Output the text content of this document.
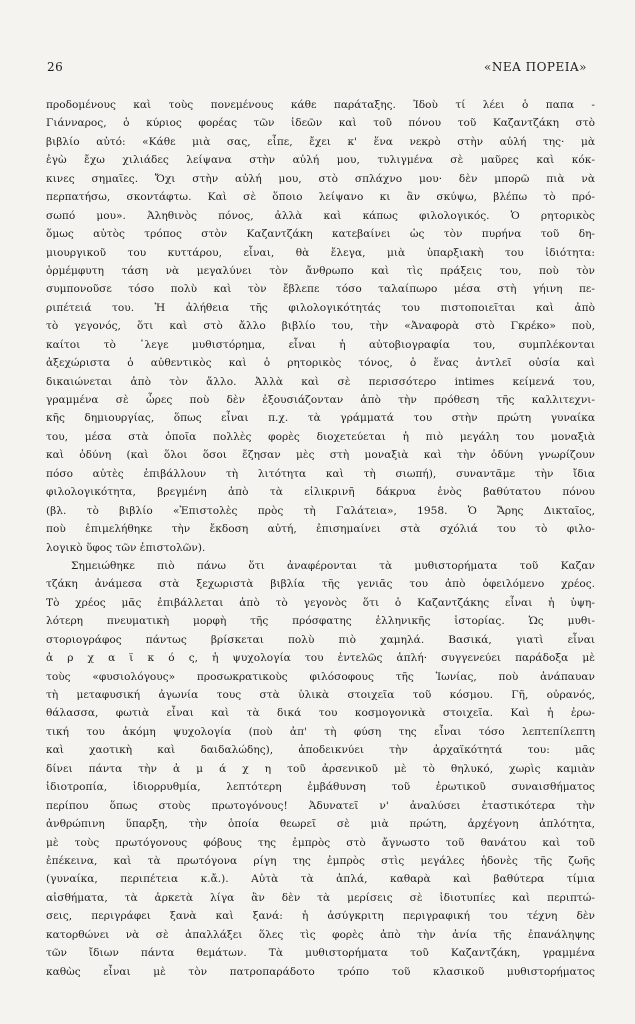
26	«ΝΕΑ ΠΟΡΕΙΑ»
προδομένους καὶ τοὺς πονεμένους κάθε παράταξης. Ἰδοὺ τί λέει ὁ παπα -
Γιάνναρος, ὁ κύριος φορέας τῶν ἰδεῶν καὶ τοῦ πόνου τοῦ Καζαντζάκη στὸ
βιβλίο αὐτό: «Κάθε μιὰ σας, εἶπε, ἔχει κ' ἕνα νεκρὸ στὴν αὐλή της· μὰ
ἐγὼ ἔχω χιλιάδες λείψανα στὴν αὐλή μου, τυλιγμένα σὲ μαῦρες καὶ κόκ-
κινες σημαῖες. Ὄχι στὴν αὐλή μου, στὸ σπλάχνο μου· δὲν μπορῶ πιὰ νὰ
περπατήσω, σκοντάφτω. Καὶ σὲ ὅποιο λείψανο κι ἂν σκύψω, βλέπω τὸ πρό-
σωπό μου». Ἀληθινὸς πόνος, ἀλλὰ καὶ κάπως φιλολογικός. Ὁ ρητορικὸς
ὅμως αὐτὸς τρόπος στὸν Καζαντζάκη κατεβαίνει ὡς τὸν πυρήνα τοῦ δη-
μιουργικοῦ του κυττάρου, εἶναι, θὰ ἔλεγα, μιὰ ὑπαρξιακὴ του ἰδιότητα:
ὁρμέμφυτη τάση νὰ μεγαλύνει τὸν ἄνθρωπο καὶ τὶς πράξεις του, ποὺ τὸν
συμπονοῦσε τόσο πολὺ καὶ τὸν ἔβλεπε τόσο ταλαίπωρο μέσα στὴ γήινη πε-
ριπέτειά του. Ἡ ἀλήθεια τῆς φιλολογικότητάς του πιστοποιεῖται καὶ ἀπὸ
τὸ γεγονός, ὅτι καὶ στὸ ἄλλο βιβλίο του, τὴν «Ἀναφορὰ στὸ Γκρέκο» ποὺ,
καίτοι τὸ ᾽λεγε μυθιστόρημα, εἶναι ἡ αὐτοβιογραφία του, συμπλέκονται
ἀξεχώριστα ὁ αὐθεντικὸς καὶ ὁ ρητορικὸς τόνος, ὁ ἕνας ἀντλεῖ οὐσία καὶ
δικαιώνεται ἀπὸ τὸν ἄλλο. Ἀλλὰ καὶ σὲ περισσότερο intimes κείμενά του,
γραμμένα σὲ ὧρες ποὺ δὲν ἐξουσιάζονταν ἀπὸ τὴν πρόθεση τῆς καλλιτεχνι-
κῆς δημιουργίας, ὅπως εἶναι π.χ. τὰ γράμματά του στὴν πρώτη γυναίκα
του, μέσα στὰ ὁποῖα πολλὲς φορὲς διοχετεύεται ἡ πιὸ μεγάλη του μοναξιὰ
καὶ ὀδύνη (καὶ ὅλοι ὅσοι ἔζησαν μὲς στὴ μοναξιὰ καὶ τὴν ὀδύνη γνωρίζουν
πόσο αὐτὲς ἐπιβάλλουν τὴ λιτότητα καὶ τὴ σιωπή), συναντᾶμε τὴν ἴδια
φιλολογικότητα, βρεγμένη ἀπὸ τὰ εἰλικρινῆ δάκρυα ἑνὸς βαθύτατου πόνου
(βλ. τὸ βιβλίο «Ἐπιστολὲς πρὸς τὴ Γαλάτεια», 1958. Ὁ Ἄρης Δικταῖος,
ποὺ ἐπιμελήθηκε τὴν ἔκδοση αὐτή, ἐπισημαίνει στὰ σχόλιά του τὸ φιλο-
λογικὸ ὕφος τῶν ἐπιστολῶν).
Σημειώθηκε πιὸ πάνω ὅτι ἀναφέρονται τὰ μυθιστορήματα τοῦ Καζαν
τζάκη ἀνάμεσα στὰ ξεχωριστὰ βιβλία τῆς γενιᾶς του ἀπὸ ὀφειλόμενο χρέος.
Τὸ χρέος μᾶς ἐπιβάλλεται ἀπὸ τὸ γεγονὸς ὅτι ὁ Καζαντζάκης εἶναι ἡ ὑψη-
λότερη πνευματικὴ μορφὴ τῆς πρόσφατης ἑλληνικῆς ἱστορίας. Ὡς μυθι-
στοριογράφος πάντως βρίσκεται πολὺ πιὸ χαμηλά. Βασικά, γιατὶ εἶναι
ἀ ρ χ α ϊ κ ό ς, ἡ ψυχολογία του ἐντελῶς ἁπλή· συγγενεύει παράδοξα μὲ
τοὺς «φυσιολόγους» προσωκρατικοὺς φιλόσοφους τῆς Ἰωνίας, ποὺ ἀνάπαυαν
τὴ μεταφυσική ἀγωνία τους στὰ ὑλικὰ στοιχεῖα τοῦ κόσμου. Γῆ, οὐρανός,
θάλασσα, φωτιὰ εἶναι καὶ τὰ δικά του κοσμογονικὰ στοιχεῖα. Καὶ ἡ ἐρω-
τική του ἀκόμη ψυχολογία (ποὺ ἀπ' τὴ φύση της εἶναι τόσο λεπτεπίλεπτη
καὶ χαοτικὴ καὶ δαιδαλώδης), ἀποδεικνύει τὴν ἀρχαϊκότητά του: μᾶς
δίνει πάντα τὴν ἀ μ ά χ η τοῦ ἀρσενικοῦ μὲ τὸ θηλυκό, χωρὶς καμιὰν
ἰδιοτροπία, ἰδιορρυθμία, λεπτότερη ἐμβάθυνση τοῦ ἐρωτικοῦ συναισθήματος
περίπου ὅπως στοὺς πρωτογόνους! Ἀδυνατεῖ ν' ἀναλύσει ἐταστικότερα τὴν
ἀνθρώπινη ὕπαρξη, τὴν ὁποία θεωρεῖ σὲ μιὰ πρώτη, ἀρχέγονη ἁπλότητα,
μὲ τοὺς πρωτόγονους φόβους της ἐμπρὸς στὸ ἄγνωστο τοῦ θανάτου καὶ τοῦ
ἐπέκεινα, καὶ τὰ πρωτόγονα ρίγη της ἐμπρὸς στὶς μεγάλες ἡδονὲς τῆς ζωῆς
(γυναίκα, περιπέτεια κ.ἄ.). Αὐτὰ τὰ ἁπλά, καθαρὰ καὶ βαθύτερα τίμια
αἰσθήματα, τὰ ἀρκετὰ λίγα ἂν δὲν τὰ μερίσεις σὲ ἰδιοτυπίες καὶ περιπτώ-
σεις, περιγράφει ξανὰ καὶ ξανά: ἡ ἀσύγκριτη περιγραφική του τέχνη δὲν
κατορθώνει νὰ σὲ ἀπαλλάξει ὅλες τὶς φορὲς ἀπὸ τὴν ἀνία τῆς ἐπανάληψης
τῶν ἴδιων πάντα θεμάτων. Τὰ μυθιστορήματα τοῦ Καζαντζάκη, γραμμένα
καθὼς εἶναι μὲ τὸν πατροπαράδοτο τρόπο τοῦ κλασικοῦ μυθιστορήματος
